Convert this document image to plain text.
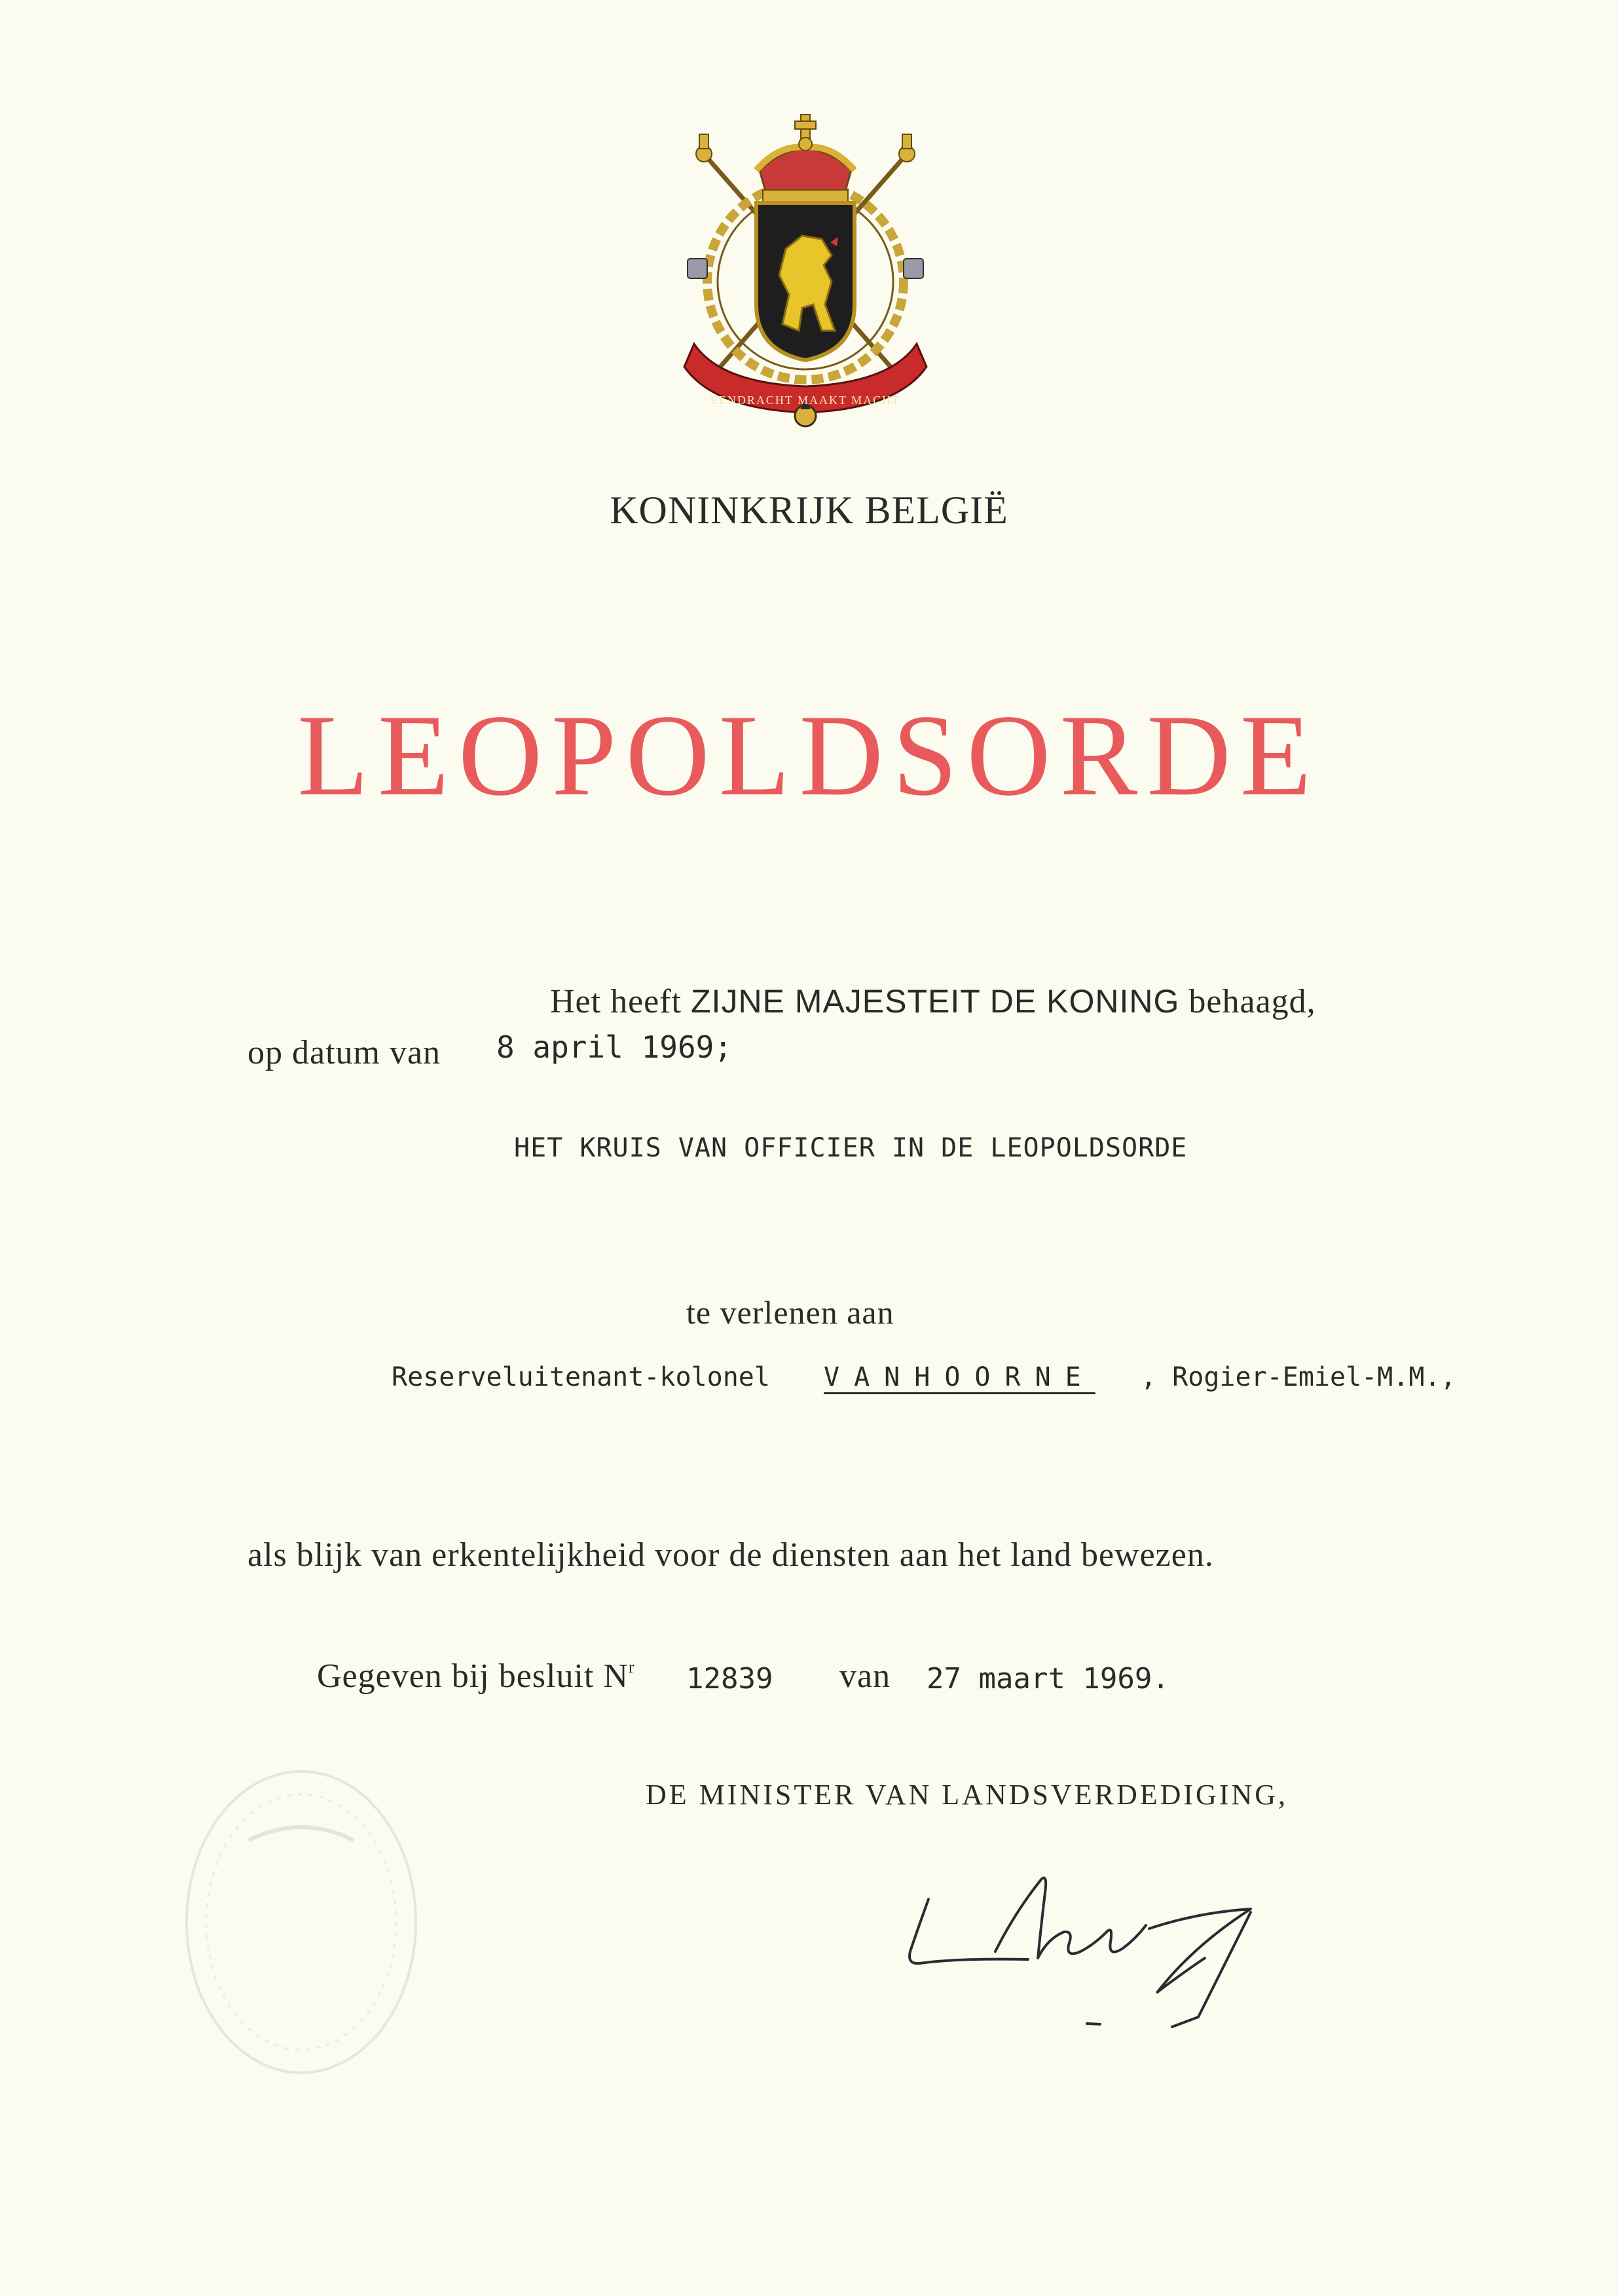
EENDRACHT MAAKT MACHT
KONINKRIJK BELGIË
LEOPOLDSORDE
Het heeft ZIJNE MAJESTEIT DE KONING behaagd,
op datum van 8 april 1969;
HET KRUIS VAN OFFICIER IN DE LEOPOLDSORDE
te verlenen aan
Reserveluitenant-kolonel VANHOORNE , Rogier-Emiel-M.M.,
als blijk van erkentelijkheid voor de diensten aan het land bewezen.
Gegeven bij besluit $N^r$ 12839 van 27 maart 1969.
DE MINISTER VAN LANDSVERDEDIGING,
